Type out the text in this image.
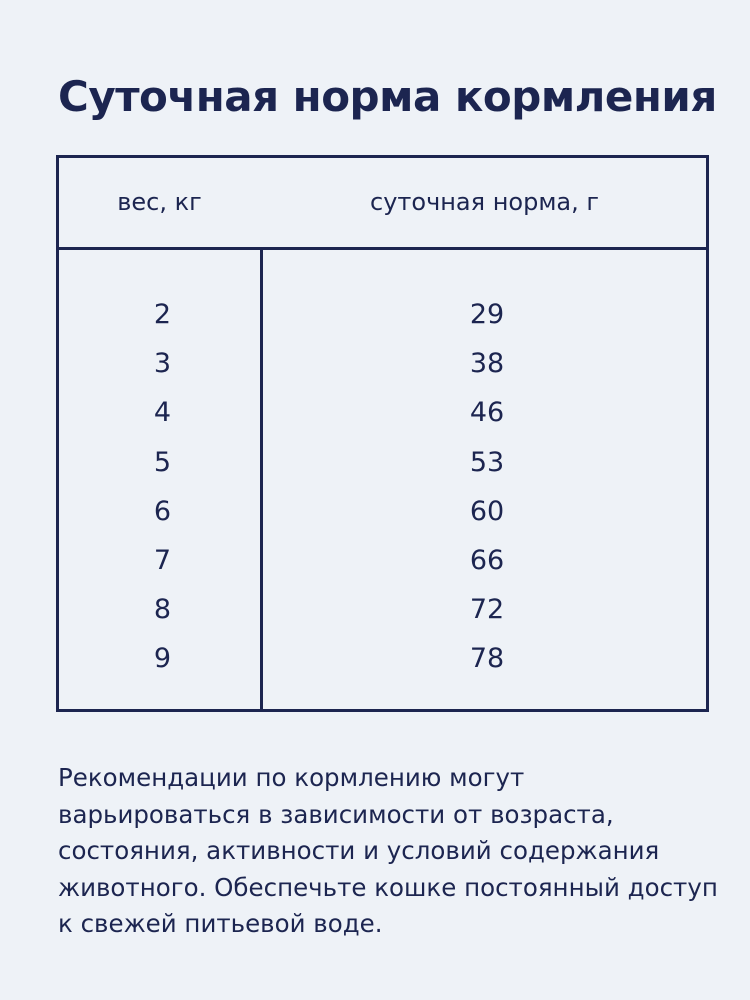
Суточная норма кормления
вес, кг	суточная норма, г
2	29
3	38
4	46
5	53
6	60
7	66
8	72
9	78

Рекомендации по кормлению могут варьироваться в зависимости от возраста, состояния, активности и условий содержания животного. Обеспечьте кошке постоянный доступ к свежей питьевой воде.
